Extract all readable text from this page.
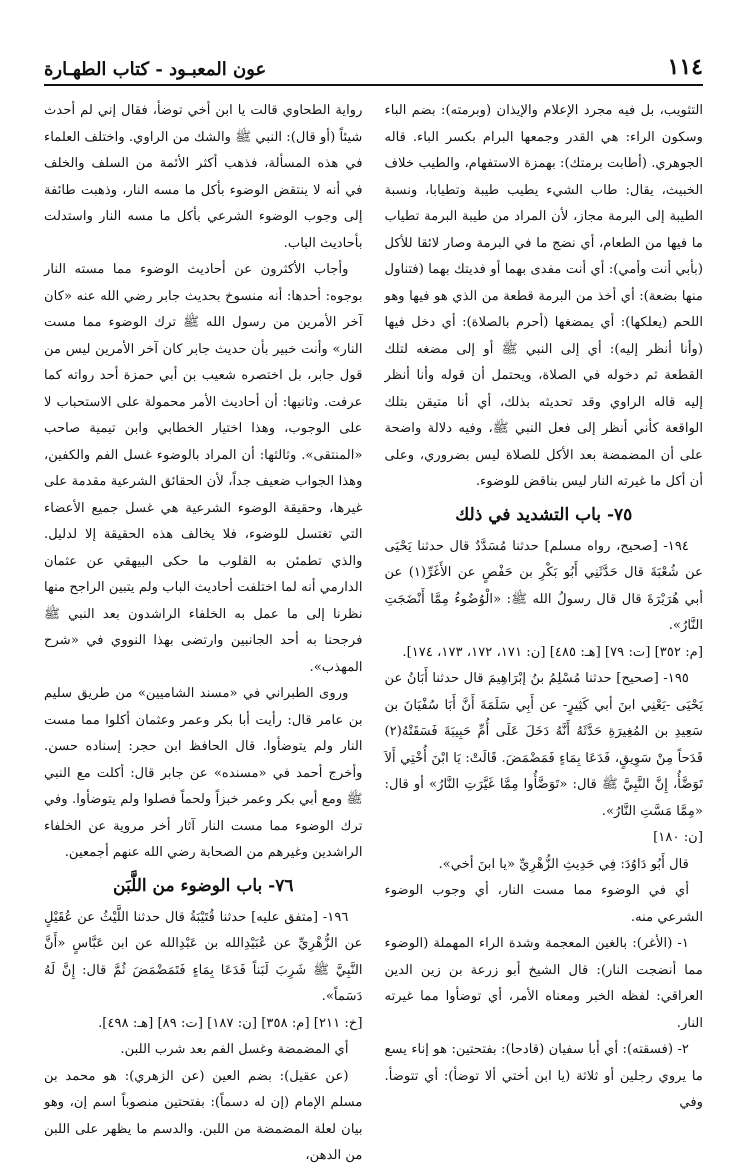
١١٤
عون المعبـود - كتاب الطهـارة

التثويب، بل فيه مجرد الإعلام والإيذان (وبرمته): بضم الباء وسكون الراء: هي القدر وجمعها البرام بكسر الباء. قاله الجوهري. (أطابت برمتك): بهمزة الاستفهام، والطيب خلاف الخبيث، يقال: طاب الشيء يطيب طيبة وتطيابا، ونسبة الطيبة إلى البرمة مجاز، لأن المراد من طيبة البرمة تطياب ما فيها من الطعام، أي نضج ما في البرمة وصار لائقا للأكل (بأبي أنت وأمي): أي أنت مفدى بهما أو فديتك بهما (فتناول منها بضعة): أي أخذ من البرمة قطعة من الذي هو فيها وهو اللحم (يعلكها): أي يمضغها (أحرم بالصلاة): أي دخل فيها (وأنا أنظر إليه): أي إلى النبي ﷺ أو إلى مضغه لتلك القطعة ثم دخوله في الصلاة، ويحتمل أن قوله وأنا أنظر إليه قاله الراوي وقد تحديثه بذلك، أي أنا متيقن بتلك الواقعة كأني أنظر إلى فعل النبي ﷺ، وفيه دلالة واضحة على أن المضمضة بعد الأكل للصلاة ليس بضروري، وعلى أن أكل ما غيرته النار ليس بناقض للوضوء.

٧٥- باب التشديد في ذلك

١٩٤- [صحيح، رواه مسلم] حدثنا مُسَدَّدٌ قال حدثنا يَحْيَى عن شُعْبَةَ قال حَدَّثَنِي أَبُو بَكْرِ بن حَفْصٍ عن الأَغَرِّ(١) عن أبي هُرَيْرَةَ قال قال رسولُ الله ﷺ: «الْوُضُوءُ مِمَّا أَنْضَجَتِ النَّارُ».

[م: ٣٥٢] [ت: ٧٩] [هـ: ٤٨٥] [ن: ١٧١، ١٧٢، ١٧٣، ١٧٤].

١٩٥- [صحيح] حدثنا مُسْلِمُ بنُ إبْرَاهِيمَ قال حدثنا أَبَانُ عن يَحْيَى -يَعْنِي ابنَ أبي كَثِيرٍ- عن أَبِي سَلَمَةَ أَنَّ أَبَا سُفْيَانَ بن سَعِيدِ بن المُغِيرَةِ حَدَّثَهُ أَنَّهُ دَخَلَ عَلَى أُمِّ حَبِيبَةَ فَسَقَتْهُ(٢) قَدَحاً مِنْ سَوِيقٍ، فَدَعَا بِمَاءٍ فَمَضْمَضَ. قَالَتْ: يَا ابْنَ أُخْتِي أَلاَ تَوَضَّأُ، إِنَّ النَّبِيَّ ﷺ قال: «تَوَضَّأُوا مِمَّا غَيَّرَتِ النَّارُ» أو قال: «مِمَّا مَسَّتِ النَّارُ».

[ن: ١٨٠]

قال أَبُو دَاوُدَ: فِي حَدِيثِ الزُّهْرِيِّ «يا ابنَ أخي».

أي في الوضوء مما مست النار، أي وجوب الوضوء الشرعي منه.

١- (الأغر): بالغين المعجمة وشدة الراء المهملة (الوضوء مما أنضجت النار): قال الشيخ أبو زرعة بن زين الدين العراقي: لفظه الخبر ومعناه الأمر، أي توضأوا مما غيرته النار.

٢- (فسقته): أي أبا سفيان (قادحا): بفتحتين: هو إناء يسع ما يروي رجلين أو ثلاثة (يا ابن أختي ألا توضأ): أي تتوضأ. وفي

رواية الطحاوي قالت يا ابن أخي توضأ، فقال إني لم أحدث شيئاً (أو قال): النبي ﷺ والشك من الراوي. واختلف العلماء في هذه المسألة، فذهب أكثر الأئمة من السلف والخلف في أنه لا ينتقض الوضوء بأكل ما مسه النار، وذهبت طائفة إلى وجوب الوضوء الشرعي بأكل ما مسه النار واستدلت بأحاديث الباب.

وأجاب الأكثرون عن أحاديث الوضوء مما مسته النار بوجوه: أحدها: أنه منسوخ بحديث جابر رضي الله عنه «كان آخر الأمرين من رسول الله ﷺ ترك الوضوء مما مست النار» وأنت خبير بأن حديث جابر كان آخر الأمرين ليس من قول جابر، بل اختصره شعيب بن أبي حمزة أحد رواته كما عرفت. وثانيها: أن أحاديث الأمر محمولة على الاستحباب لا على الوجوب، وهذا اختيار الخطابي وابن تيمية صاحب «المنتقى». وثالثها: أن المراد بالوضوء غسل الفم والكفين، وهذا الجواب ضعيف جداً، لأن الحقائق الشرعية مقدمة على غيرها، وحقيقة الوضوء الشرعية هي غسل جميع الأعضاء التي تغتسل للوضوء، فلا يخالف هذه الحقيقة إلا لدليل. والذي تطمئن به القلوب ما حكى البيهقي عن عثمان الدارمي أنه لما اختلفت أحاديث الباب ولم يتبين الراجح منها نظرنا إلى ما عمل به الخلفاء الراشدون بعد النبي ﷺ فرجحنا به أحد الجانبين وارتضى بهذا النووي في «شرح المهذب».

وروى الطبراني في «مسند الشاميين» من طريق سليم بن عامر قال: رأيت أبا بكر وعمر وعثمان أكلوا مما مست النار ولم يتوضأوا. قال الحافظ ابن حجر: إسناده حسن. وأخرج أحمد في «مسنده» عن جابر قال: أكلت مع النبي ﷺ ومع أبي بكر وعمر خبزاً ولحماً فصلوا ولم يتوضأوا. وفي ترك الوضوء مما مست النار آثار أخر مروية عن الخلفاء الراشدين وغيرهم من الصحابة رضي الله عنهم أجمعين.

٧٦- باب الوضوء من اللَّبَن

١٩٦- [متفق عليه] حدثنا قُتَيْبَةُ قال حدثنا اللَّيْثُ عن عُقَيْلٍ عن الزُّهْرِيِّ عن عُبَيْدِالله بن عَبْدِالله عن ابن عَبَّاسٍ «أَنَّ النَّبِيَّ ﷺ شَرِبَ لَبَناً فَدَعَا بِمَاءٍ فَتَمَضْمَضَ ثُمَّ قال: إِنَّ لَهُ دَسَماً».

[خ: ٢١١] [م: ٣٥٨] [ن: ١٨٧] [ت: ٨٩] [هـ: ٤٩٨].

أي المضمضة وغسل الفم بعد شرب اللبن.

(عن عقيل): بضم العين (عن الزهري): هو محمد بن مسلم الإمام (إن له دسماً): بفتحتين منصوباً اسم إن، وهو بيان لعلة المضمضة من اللبن. والدسم ما يظهر على اللبن من الدهن،
